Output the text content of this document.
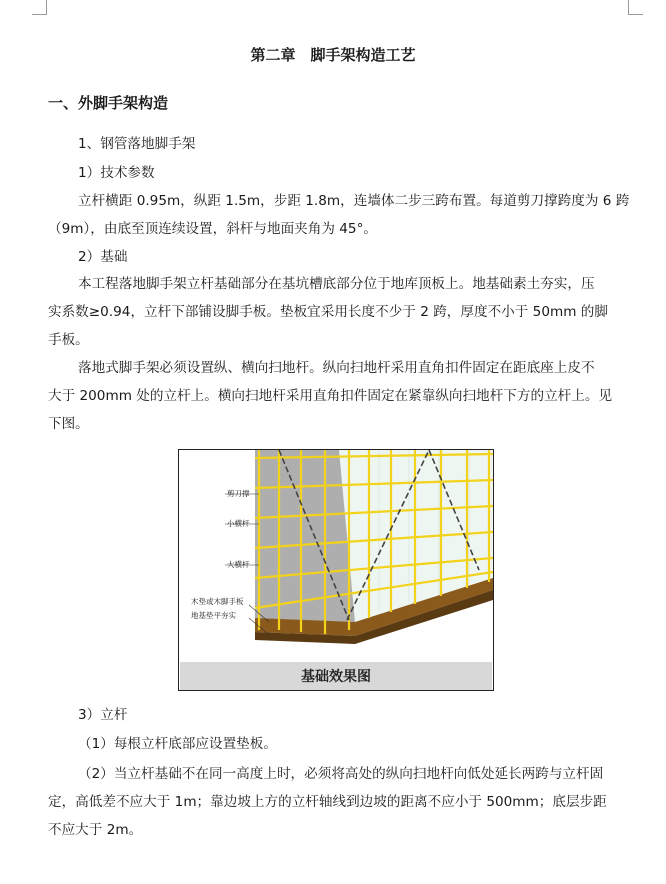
第二章　脚手架构造工艺
一、外脚手架构造
1、钢管落地脚手架
1）技术参数
立杆横距 0.95m，纵距 1.5m，步距 1.8m，连墙体二步三跨布置。每道剪刀撑跨度为 6 跨
（9m），由底至顶连续设置，斜杆与地面夹角为 45°。
2）基础
本工程落地脚手架立杆基础部分在基坑槽底部分位于地库顶板上。地基础素土夯实，压
实系数≥0.94，立杆下部铺设脚手板。垫板宜采用长度不少于 2 跨，厚度不小于 50mm 的脚
手板。
落地式脚手架必须设置纵、横向扫地杆。纵向扫地杆采用直角扣件固定在距底座上皮不
大于 200mm 处的立杆上。横向扫地杆采用直角扣件固定在紧靠纵向扫地杆下方的立杆上。见
下图。
剪刀撑
小横杆
大横杆
木垫或木脚手板
地基垫平夯实
基础效果图
3）立杆
（1）每根立杆底部应设置垫板。
（2）当立杆基础不在同一高度上时，必须将高处的纵向扫地杆向低处延长两跨与立杆固
定，高低差不应大于 1m；靠边坡上方的立杆轴线到边坡的距离不应小于 500mm；底层步距
不应大于 2m。
